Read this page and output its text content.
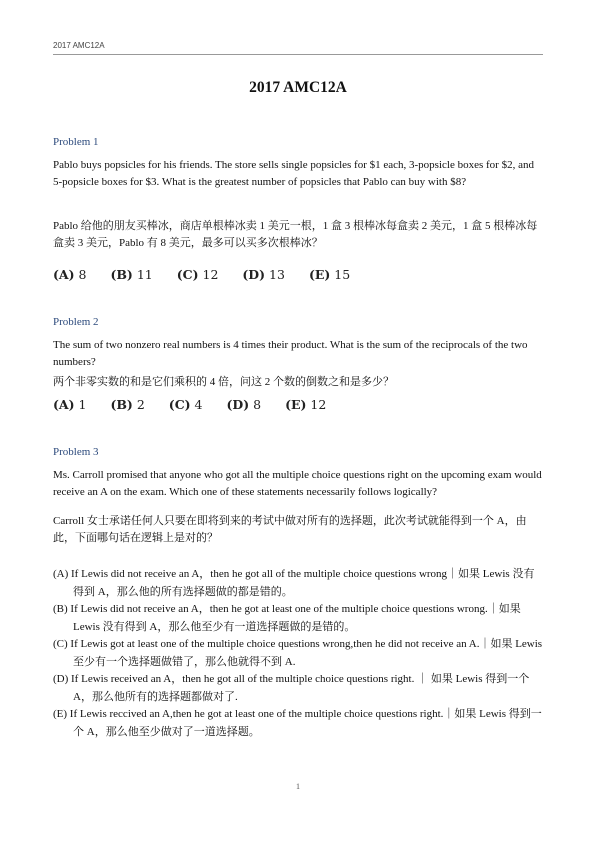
2017 AMC12A
2017 AMC12A
Problem 1
Pablo buys popsicles for his friends. The store sells single popsicles for $1 each, 3-popsicle boxes for $2, and 5-popsicle boxes for $3. What is the greatest number of popsicles that Pablo can buy with $8?
Pablo 给他的朋友买棒冰，商店单根棒冰卖 1 美元一根，1 盒 3 根棒冰每盒卖 2 美元，1 盒 5 根棒冰每盒卖 3 美元，Pablo 有 8 美元，最多可以买多次根棒冰？
(A) 8 (B) 11 (C) 12 (D) 13 (E) 15
Problem 2
The sum of two nonzero real numbers is 4 times their product. What is the sum of the reciprocals of the two numbers?
两个非零实数的和是它们乘积的 4 倍，问这 2 个数的倒数之和是多少？
(A) 1 (B) 2 (C) 4 (D) 8 (E) 12
Problem 3
Ms. Carroll promised that anyone who got all the multiple choice questions right on the upcoming exam would receive an A on the exam. Which one of these statements necessarily follows logically?
Carroll 女士承诺任何人只要在即将到来的考试中做对所有的选择题，此次考试就能得到一个 A，由此，下面哪句话在逻辑上是对的？
(A) If Lewis did not receive an A，then he got all of the multiple choice questions wrong｜如果 Lewis 没有得到 A，那么他的所有选择题做的都是错的。
(B) If Lewis did not receive an A，then he got at least one of the multiple choice questions wrong.｜如果 Lewis 没有得到 A，那么他至少有一道选择题做的是错的。
(C) If Lewis got at least one of the multiple choice questions wrong,then he did not receive an A.｜如果 Lewis 至少有一个选择题做错了，那么他就得不到 A.
(D) If Lewis received an A，then he got all of the multiple choice questions right. ｜ 如果 Lewis 得到一个 A，那么他所有的选择题都做对了.
(E) If Lewis reccived an A,then he got at least one of the multiple choice questions right.｜如果 Lewis 得到一个 A，那么他至少做对了一道选择题。
1
